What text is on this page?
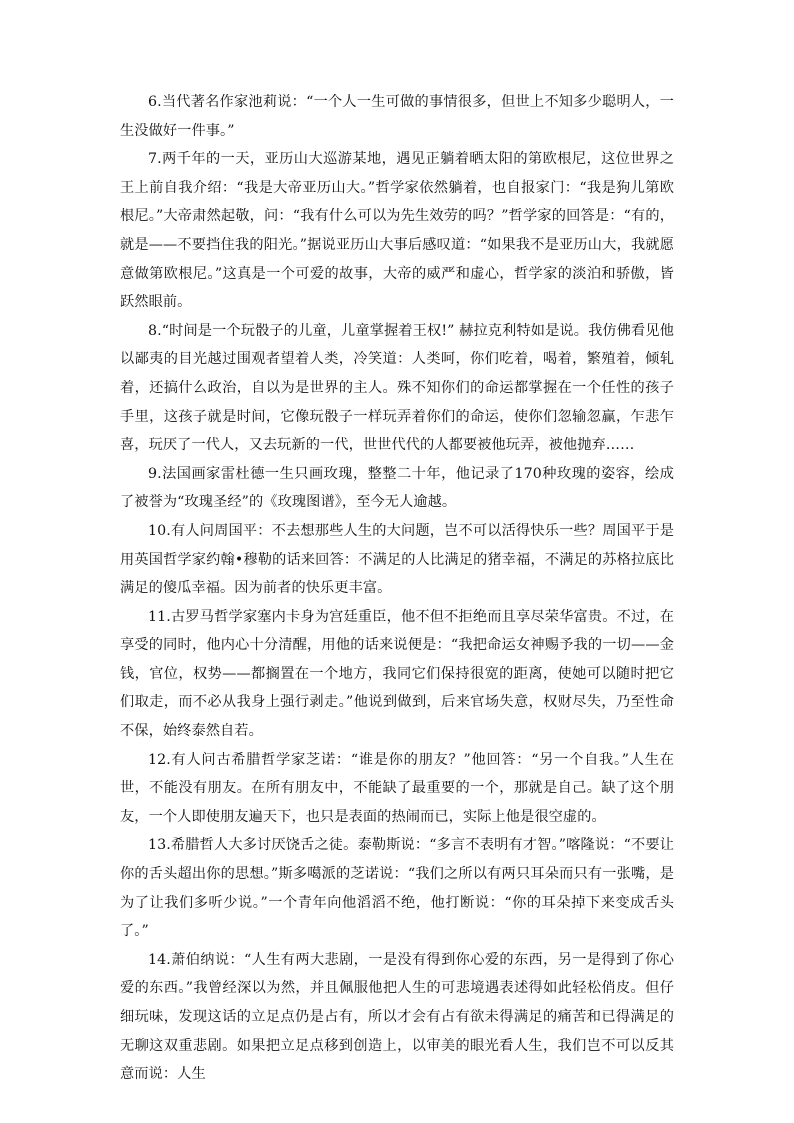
6.当代著名作家池莉说：“一个人一生可做的事情很多，但世上不知多少聪明人，一生没做好一件事。”

7.两千年的一天，亚历山大巡游某地，遇见正躺着晒太阳的第欧根尼，这位世界之王上前自我介绍：“我是大帝亚历山大。”哲学家依然躺着，也自报家门：“我是狗儿第欧根尼。”大帝肃然起敬，问：“我有什么可以为先生效劳的吗？”哲学家的回答是：“有的，就是——不要挡住我的阳光。”据说亚历山大事后感叹道：“如果我不是亚历山大，我就愿意做第欧根尼。”这真是一个可爱的故事，大帝的威严和虚心，哲学家的淡泊和骄傲，皆跃然眼前。

8.“时间是一个玩骰子的儿童，儿童掌握着王权!” 赫拉克利特如是说。我仿佛看见他以鄙夷的目光越过围观者望着人类，冷笑道：人类呵，你们吃着，喝着，繁殖着，倾轧着，还搞什么政治，自以为是世界的主人。殊不知你们的命运都掌握在一个任性的孩子手里，这孩子就是时间，它像玩骰子一样玩弄着你们的命运，使你们忽输忽赢，乍悲乍喜，玩厌了一代人，又去玩新的一代，世世代代的人都要被他玩弄，被他抛弃……

9.法国画家雷杜德一生只画玫瑰，整整二十年，他记录了170种玫瑰的姿容，绘成了被誉为“玫瑰圣经”的《玫瑰图谱》，至今无人逾越。

10.有人问周国平：不去想那些人生的大问题，岂不可以活得快乐一些？周国平于是用英国哲学家约翰•穆勒的话来回答：不满足的人比满足的猪幸福，不满足的苏格拉底比满足的傻瓜幸福。因为前者的快乐更丰富。

11.古罗马哲学家塞内卡身为宫廷重臣，他不但不拒绝而且享尽荣华富贵。不过，在享受的同时，他内心十分清醒，用他的话来说便是：“我把命运女神赐予我的一切——金钱，官位，权势——都搁置在一个地方，我同它们保持很宽的距离，使她可以随时把它们取走，而不必从我身上强行剥走。”他说到做到，后来官场失意，权财尽失，乃至性命不保，始终泰然自若。

12.有人问古希腊哲学家芝诺：“谁是你的朋友？”他回答：“另一个自我。”人生在世，不能没有朋友。在所有朋友中，不能缺了最重要的一个，那就是自己。缺了这个朋友，一个人即使朋友遍天下，也只是表面的热闹而已，实际上他是很空虚的。

13.希腊哲人大多讨厌饶舌之徒。泰勒斯说：“多言不表明有才智。”喀隆说：“不要让你的舌头超出你的思想。”斯多噶派的芝诺说：“我们之所以有两只耳朵而只有一张嘴，是为了让我们多听少说。”一个青年向他滔滔不绝，他打断说：“你的耳朵掉下来变成舌头了。”

14.萧伯纳说：“人生有两大悲剧，一是没有得到你心爱的东西，另一是得到了你心爱的东西。”我曾经深以为然，并且佩服他把人生的可悲境遇表述得如此轻松俏皮。但仔细玩味，发现这话的立足点仍是占有，所以才会有占有欲未得满足的痛苦和已得满足的无聊这双重悲剧。如果把立足点移到创造上，以审美的眼光看人生，我们岂不可以反其意而说：人生
